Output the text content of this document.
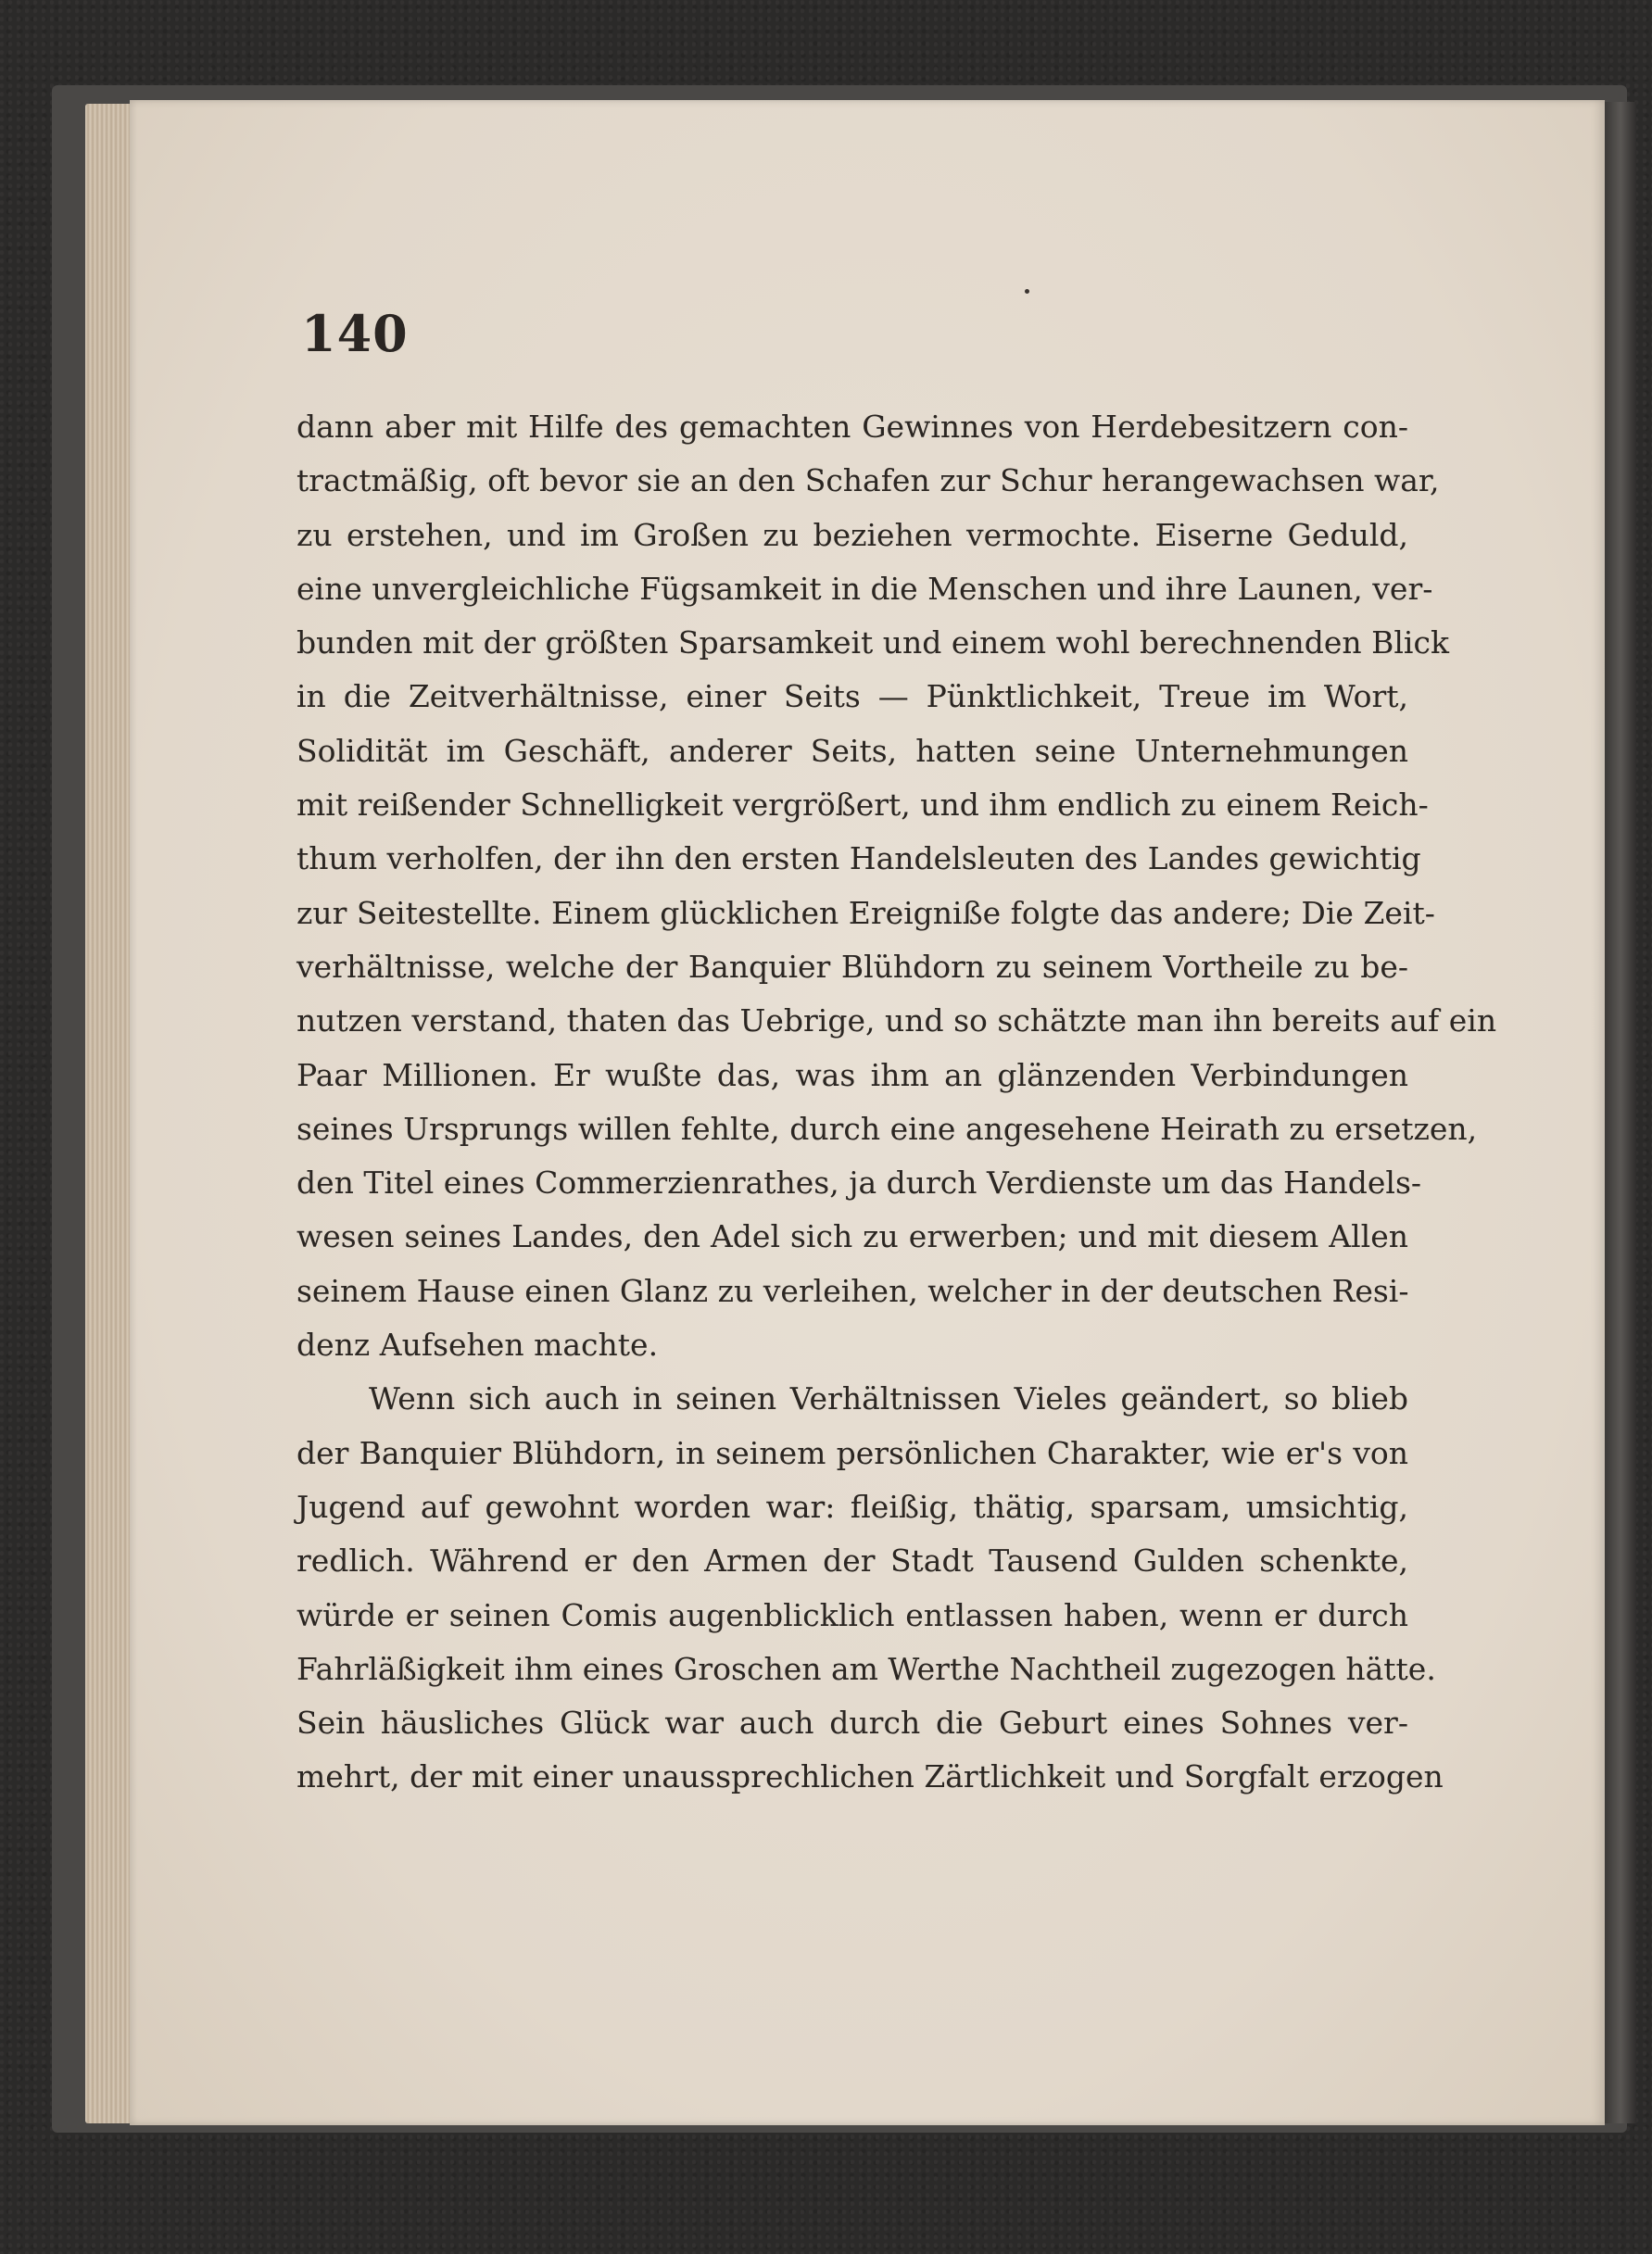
140
dann aber mit Hilfe des gemachten Gewinnes von Herdebesitzern con-
tractmäßig, oft bevor sie an den Schafen zur Schur herangewachsen war,
zu erstehen, und im Großen zu beziehen vermochte. Eiserne Geduld,
eine unvergleichliche Fügsamkeit in die Menschen und ihre Launen, ver-
bunden mit der größten Sparsamkeit und einem wohl berechnenden Blick
in die Zeitverhältnisse, einer Seits — Pünktlichkeit, Treue im Wort,
Solidität im Geschäft, anderer Seits, hatten seine Unternehmungen
mit reißender Schnelligkeit vergrößert, und ihm endlich zu einem Reich-
thum verholfen, der ihn den ersten Handelsleuten des Landes gewichtig
zur Seitestellte. Einem glücklichen Ereigniße folgte das andere; Die Zeit-
verhältnisse, welche der Banquier Blühdorn zu seinem Vortheile zu be-
nutzen verstand, thaten das Uebrige, und so schätzte man ihn bereits auf ein
Paar Millionen. Er wußte das, was ihm an glänzenden Verbindungen
seines Ursprungs willen fehlte, durch eine angesehene Heirath zu ersetzen,
den Titel eines Commerzienrathes, ja durch Verdienste um das Handels-
wesen seines Landes, den Adel sich zu erwerben; und mit diesem Allen
seinem Hause einen Glanz zu verleihen, welcher in der deutschen Resi-
denz Aufsehen machte.
Wenn sich auch in seinen Verhältnissen Vieles geändert, so blieb
der Banquier Blühdorn, in seinem persönlichen Charakter, wie er's von
Jugend auf gewohnt worden war: fleißig, thätig, sparsam, umsichtig,
redlich. Während er den Armen der Stadt Tausend Gulden schenkte,
würde er seinen Comis augenblicklich entlassen haben, wenn er durch
Fahrläßigkeit ihm eines Groschen am Werthe Nachtheil zugezogen hätte.
Sein häusliches Glück war auch durch die Geburt eines Sohnes ver-
mehrt, der mit einer unaussprechlichen Zärtlichkeit und Sorgfalt erzogen
